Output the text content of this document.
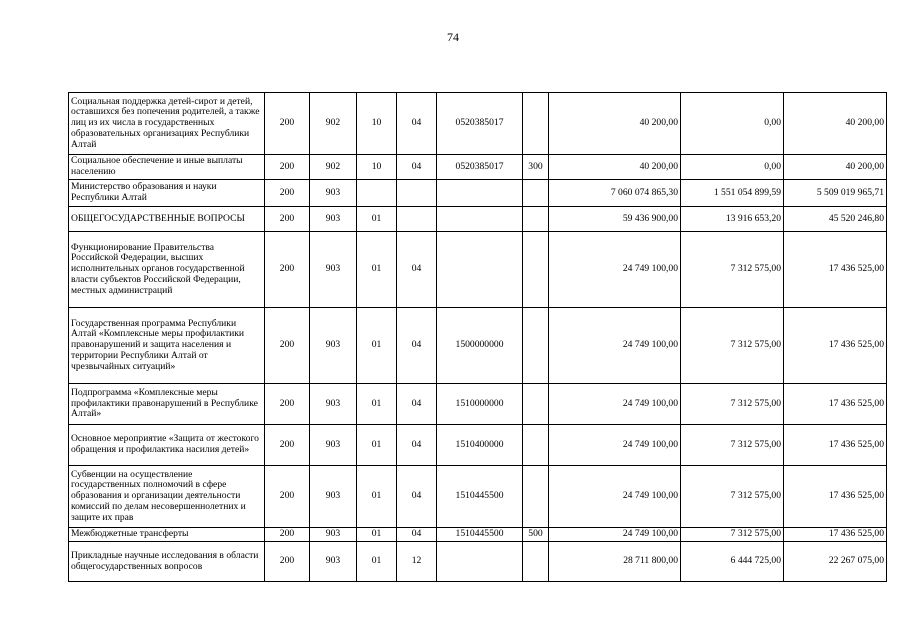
74
Социальная поддержка детей-сирот и детей, оставшихся без попечения родителей, а также лиц из их числа в государственных образовательных организациях Республики Алтай	200	902	10	04	0520385017		40 200,00	0,00	40 200,00
Социальное обеспечение и иные выплаты населению	200	902	10	04	0520385017	300	40 200,00	0,00	40 200,00
Министерство образования и науки Республики Алтай	200	903					7 060 074 865,30	1 551 054 899,59	5 509 019 965,71
ОБЩЕГОСУДАРСТВЕННЫЕ ВОПРОСЫ	200	903	01				59 436 900,00	13 916 653,20	45 520 246,80
Функционирование Правительства Российской Федерации, высших исполнительных органов государственной власти субъектов Российской Федерации, местных администраций	200	903	01	04			24 749 100,00	7 312 575,00	17 436 525,00
Государственная программа Республики Алтай «Комплексные меры профилактики правонарушений и защита населения и территории Республики Алтай от чрезвычайных ситуаций»	200	903	01	04	1500000000		24 749 100,00	7 312 575,00	17 436 525,00
Подпрограмма «Комплексные меры профилактики правонарушений в Республике Алтай»	200	903	01	04	1510000000		24 749 100,00	7 312 575,00	17 436 525,00
Основное мероприятие «Защита от жестокого обращения и профилактика насилия детей»	200	903	01	04	1510400000		24 749 100,00	7 312 575,00	17 436 525,00
Субвенции на осуществление государственных полномочий в сфере образования и организации деятельности комиссий по делам несовершеннолетних и защите их прав	200	903	01	04	1510445500		24 749 100,00	7 312 575,00	17 436 525,00
Межбюджетные трансферты	200	903	01	04	1510445500	500	24 749 100,00	7 312 575,00	17 436 525,00
Прикладные научные исследования в области общегосударственных вопросов	200	903	01	12			28 711 800,00	6 444 725,00	22 267 075,00
